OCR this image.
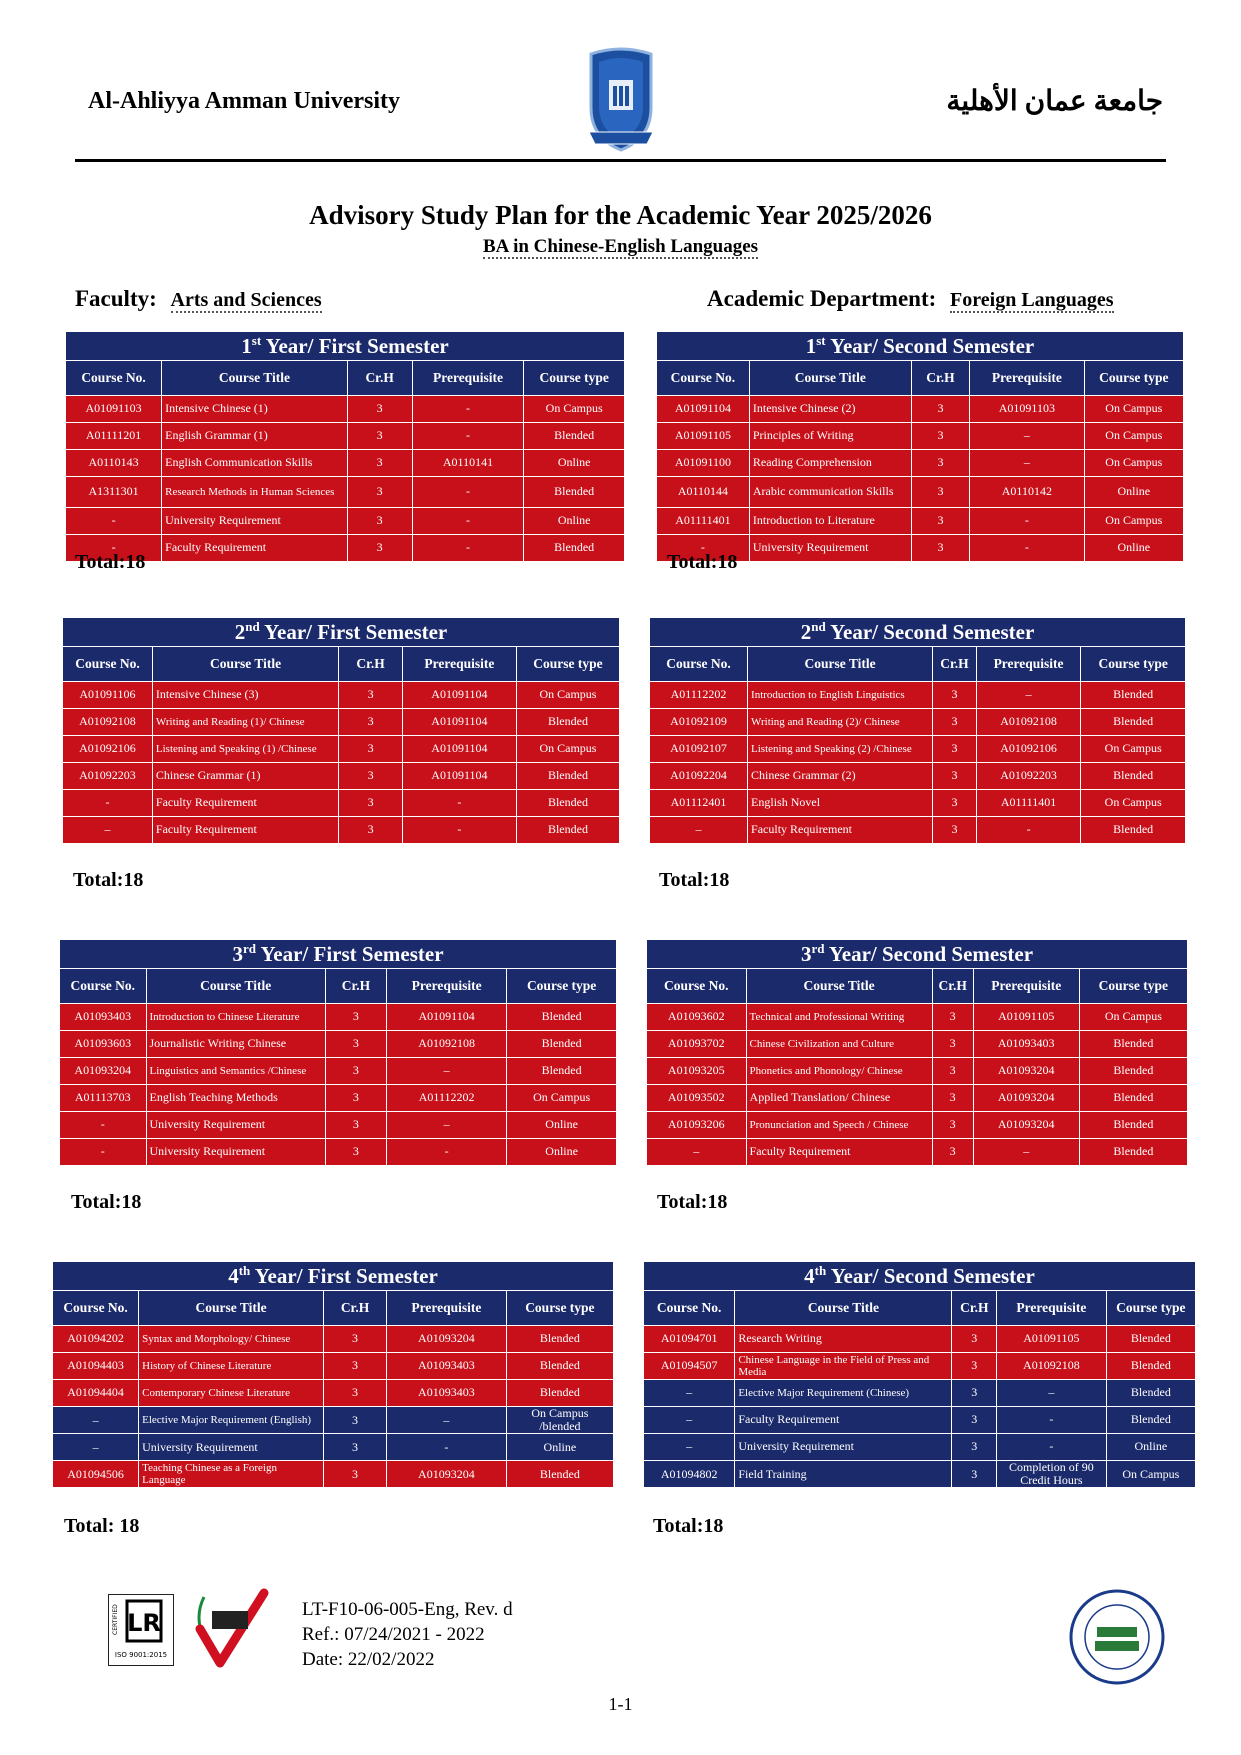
Al-Ahliyya Amman University	جامعة عمان الأهلية
Advisory Study Plan for the Academic Year 2025/2026
BA in Chinese-English Languages
Faculty: Arts and Sciences	Academic Department: Foreign Languages
1st Year/ First Semester				
Course No.	Course Title	Cr.H	Prerequisite	Course type
A01091103	Intensive Chinese (1)	3	-	On Campus
A01111201	English Grammar (1)	3	-	Blended
A0110143	English Communication Skills	3	A0110141	Online
A1311301	Research Methods in Human Sciences	3	-	Blended
-	University Requirement	3	-	Online
-	Faculty Requirement	3	-	Blended
Total:18
1st Year/ Second Semester				
Course No.	Course Title	Cr.H	Prerequisite	Course type
A01091104	Intensive Chinese (2)	3	A01091103	On Campus
A01091105	Principles of Writing	3	–	On Campus
A01091100	Reading Comprehension	3	–	On Campus
A0110144	Arabic communication Skills	3	A0110142	Online
A01111401	Introduction to Literature	3	-	On Campus
-	University Requirement	3	-	Online
Total:18
2nd Year/ First Semester				
Course No.	Course Title	Cr.H	Prerequisite	Course type
A01091106	Intensive Chinese (3)	3	A01091104	On Campus
A01092108	Writing and Reading (1)/ Chinese	3	A01091104	Blended
A01092106	Listening and Speaking (1) /Chinese	3	A01091104	On Campus
A01092203	Chinese Grammar (1)	3	A01091104	Blended
-	Faculty Requirement	3	-	Blended
–	Faculty Requirement	3	-	Blended
Total:18
2nd Year/ Second Semester				
Course No.	Course Title	Cr.H	Prerequisite	Course type
A01112202	Introduction to English Linguistics	3	–	Blended
A01092109	Writing and Reading (2)/ Chinese	3	A01092108	Blended
A01092107	Listening and Speaking (2) /Chinese	3	A01092106	On Campus
A01092204	Chinese Grammar (2)	3	A01092203	Blended
A01112401	English Novel	3	A01111401	On Campus
–	Faculty Requirement	3	-	Blended
Total:18
3rd Year/ First Semester				
Course No.	Course Title	Cr.H	Prerequisite	Course type
A01093403	Introduction to Chinese Literature	3	A01091104	Blended
A01093603	Journalistic Writing Chinese	3	A01092108	Blended
A01093204	Linguistics and Semantics /Chinese	3	–	Blended
A01113703	English Teaching Methods	3	A01112202	On Campus
-	University Requirement	3	–	Online
-	University Requirement	3	-	Online
Total:18
3rd Year/ Second Semester				
Course No.	Course Title	Cr.H	Prerequisite	Course type
A01093602	Technical and Professional Writing	3	A01091105	On Campus
A01093702	Chinese Civilization and Culture	3	A01093403	Blended
A01093205	Phonetics and Phonology/ Chinese	3	A01093204	Blended
A01093502	Applied Translation/ Chinese	3	A01093204	Blended
A01093206	Pronunciation and Speech / Chinese	3	A01093204	Blended
–	Faculty Requirement	3	–	Blended
Total:18
4th Year/ First Semester				
Course No.	Course Title	Cr.H	Prerequisite	Course type
A01094202	Syntax and Morphology/ Chinese	3	A01093204	Blended
A01094403	History of Chinese Literature	3	A01093403	Blended
A01094404	Contemporary Chinese Literature	3	A01093403	Blended
–	Elective Major Requirement (English)	3	–	On Campus /blended
–	University Requirement	3	-	Online
A01094506	Teaching Chinese as a Foreign Language	3	A01093204	Blended
Total: 18
4th Year/ Second Semester				
Course No.	Course Title	Cr.H	Prerequisite	Course type
A01094701	Research Writing	3	A01091105	Blended
A01094507	Chinese Language in the Field of Press and Media	3	A01092108	Blended
–	Elective Major Requirement (Chinese)	3	–	Blended
–	Faculty Requirement	3	-	Blended
–	University Requirement	3	-	Online
A01094802	Field Training	3	Completion of 90 Credit Hours	On Campus
Total:18
LR
CERTIFIED
ISO 9001:2015
LT-F10-06-005-Eng, Rev. d
Ref.: 07/24/2021 - 2022
Date: 22/02/2022
1-1
